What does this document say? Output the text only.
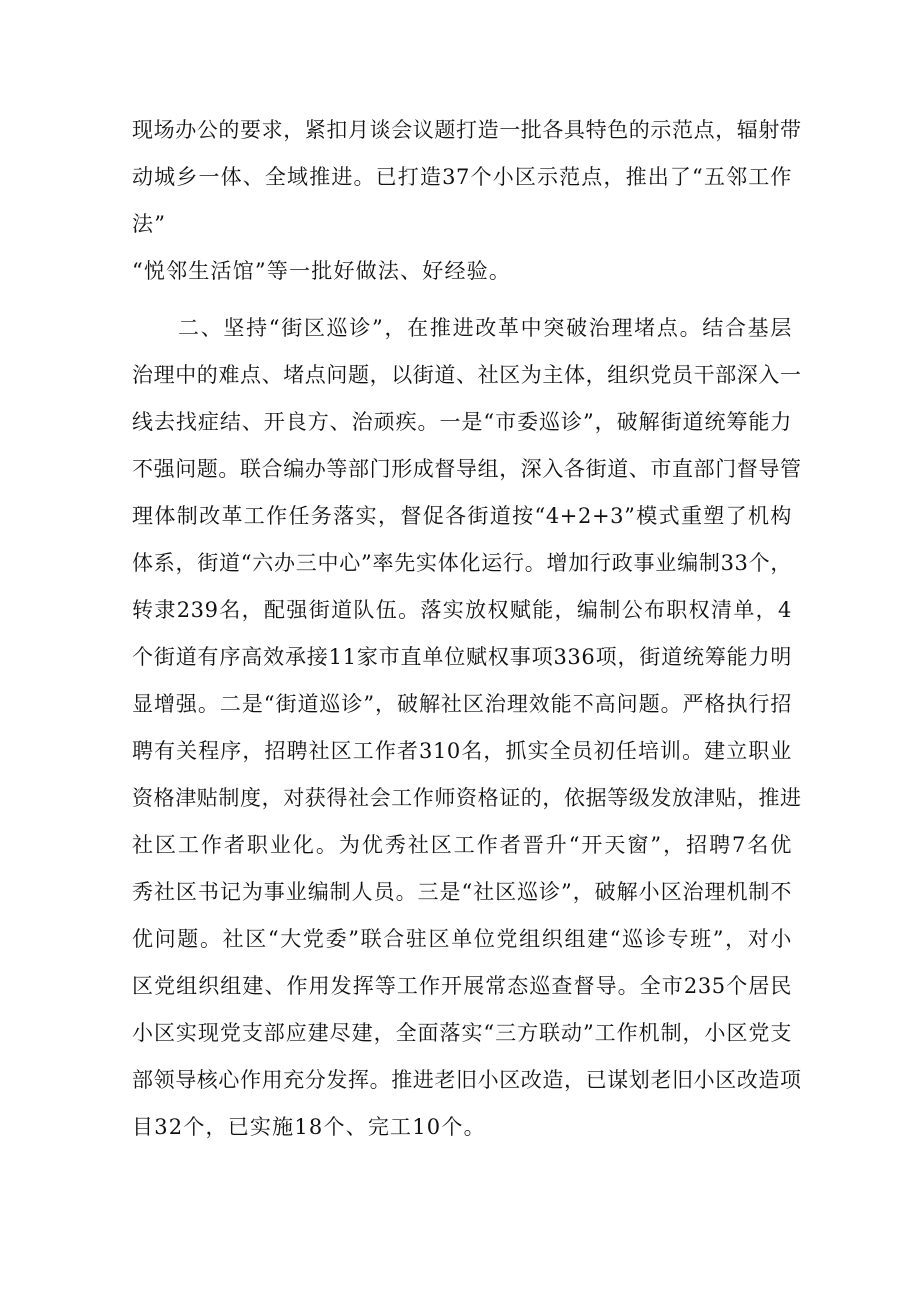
现场办公的要求，紧扣月谈会议题打造一批各具特色的示范点，辐射带
动城乡一体、全域推进。已打造37个小区示范点，推出了“五邻工作
法”
“悦邻生活馆”等一批好做法、好经验。
二、坚持“街区巡诊”，在推进改革中突破治理堵点。结合基层
治理中的难点、堵点问题，以街道、社区为主体，组织党员干部深入一
线去找症结、开良方、治顽疾。一是“市委巡诊”，破解街道统筹能力
不强问题。联合编办等部门形成督导组，深入各街道、市直部门督导管
理体制改革工作任务落实，督促各街道按“4+2+3”模式重塑了机构
体系，街道“六办三中心”率先实体化运行。增加行政事业编制33个，
转隶239名，配强街道队伍。落实放权赋能，编制公布职权清单，4
个街道有序高效承接11家市直单位赋权事项336项，街道统筹能力明
显增强。二是“街道巡诊”，破解社区治理效能不高问题。严格执行招
聘有关程序，招聘社区工作者310名，抓实全员初任培训。建立职业
资格津贴制度，对获得社会工作师资格证的，依据等级发放津贴，推进
社区工作者职业化。为优秀社区工作者晋升“开天窗”，招聘7名优
秀社区书记为事业编制人员。三是“社区巡诊”，破解小区治理机制不
优问题。社区“大党委”联合驻区单位党组织组建“巡诊专班”，对小
区党组织组建、作用发挥等工作开展常态巡查督导。全市235个居民
小区实现党支部应建尽建，全面落实“三方联动”工作机制，小区党支
部领导核心作用充分发挥。推进老旧小区改造，已谋划老旧小区改造项
目32个，已实施18个、完工10个。
